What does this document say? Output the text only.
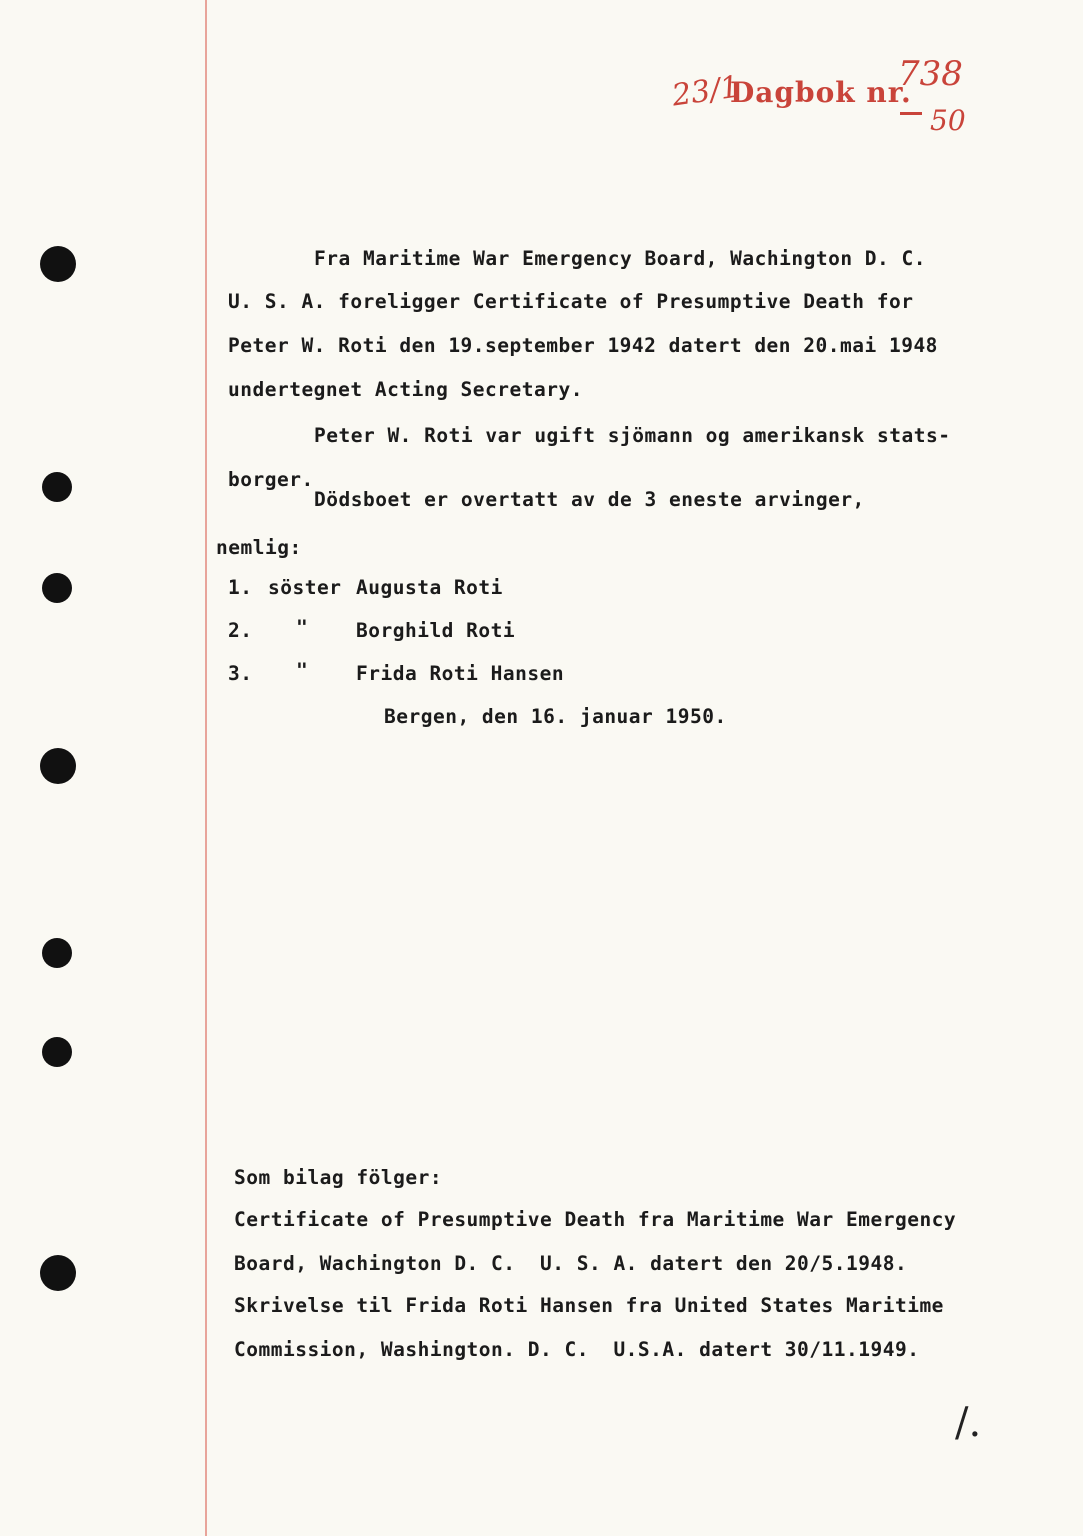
23/1
Dagbok nr.
738
50
Fra Maritime War Emergency Board, Wachington D. C.
U. S. A. foreligger Certificate of Presumptive Death for
Peter W. Roti den 19.september 1942 datert den 20.mai 1948
undertegnet Acting Secretary.
Peter W. Roti var ugift sjömann og amerikansk stats-
borger.
Dödsboet er overtatt av de 3 eneste arvinger,
nemlig:
1. söster Augusta Roti
2. " Borghild Roti
3. " Frida Roti Hansen
Bergen, den 16. januar 1950.
Som bilag fölger:
Certificate of Presumptive Death fra Maritime War Emergency
Board, Wachington D. C.  U. S. A. datert den 20/5.1948.
Skrivelse til Frida Roti Hansen fra United States Maritime
Commission, Washington. D. C.  U.S.A. datert 30/11.1949.
/.
